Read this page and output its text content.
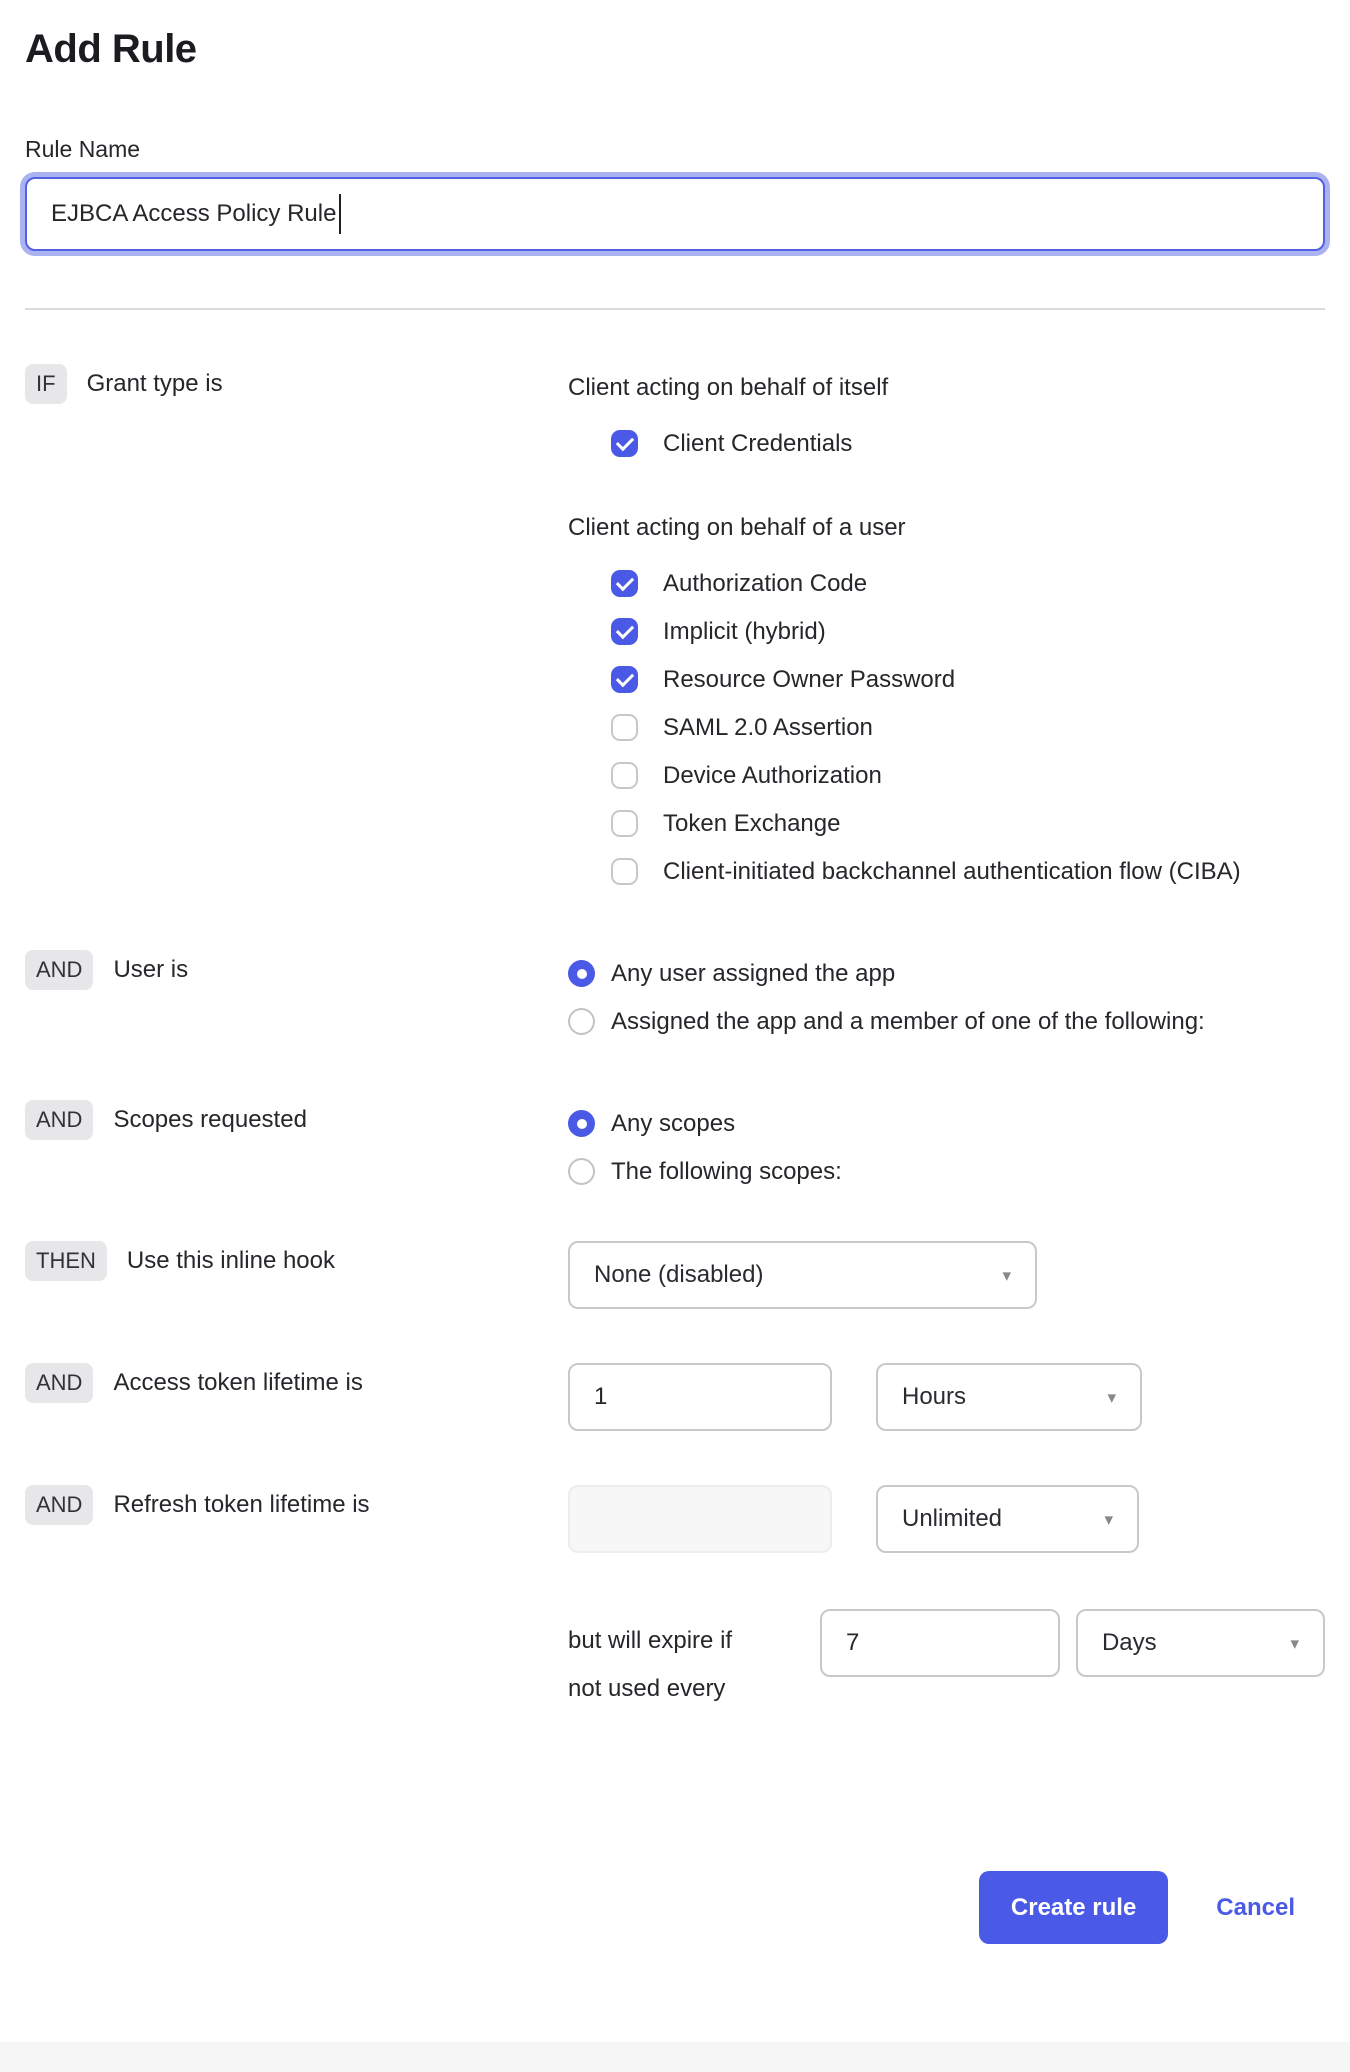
Add Rule
Rule Name
EJBCA Access Policy Rule
IF	Grant type is	Client acting on behalf of itself
Client Credentials
Client acting on behalf of a user
Authorization Code
Implicit (hybrid)
Resource Owner Password
SAML 2.0 Assertion
Device Authorization
Token Exchange
Client-initiated backchannel authentication flow (CIBA)
AND	User is	Any user assigned the app
Assigned the app and a member of one of the following:
AND	Scopes requested	Any scopes
The following scopes:
THEN	Use this inline hook
None (disabled)	▾
AND	Access token lifetime is
1
Hours	▾
AND	Refresh token lifetime is
Unlimited	▾
but will expire if
not used every
7
Days	▾
Create rule	Cancel
